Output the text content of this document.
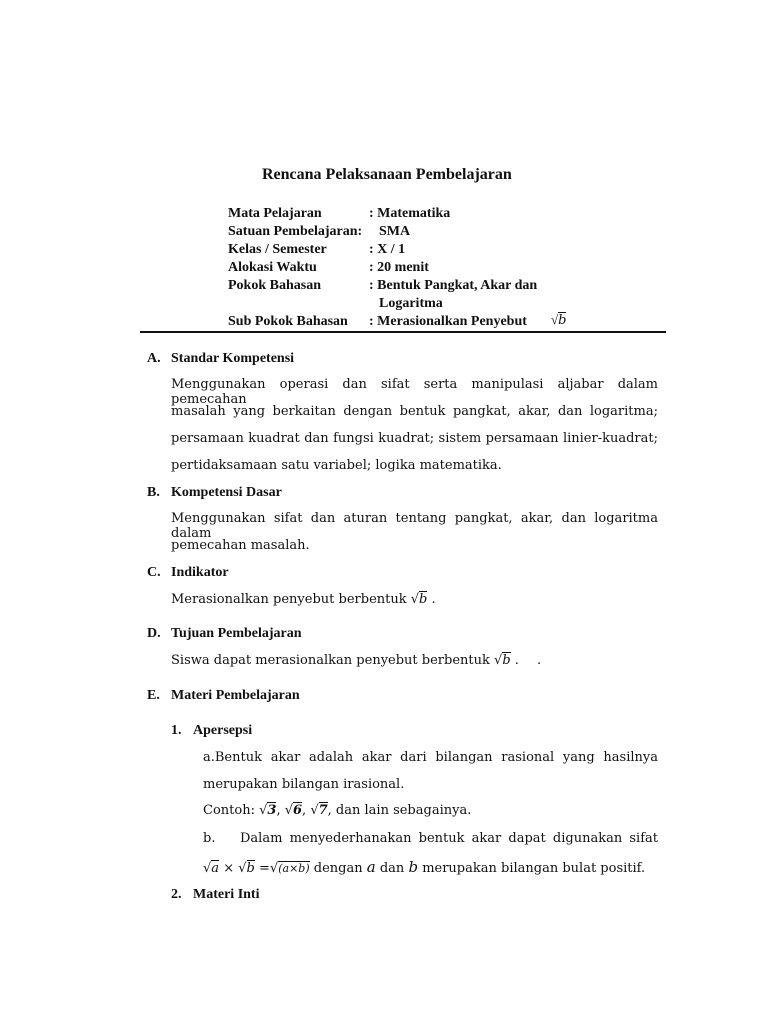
Rencana Pelaksanaan Pembelajaran
Mata Pelajaran	: Matematika
Satuan Pembelajaran: SMA
Kelas / Semester	: X / 1
Alokasi Waktu	: 20 menit
Pokok Bahasan	: Bentuk Pangkat, Akar dan
Logaritma
Sub Pokok Bahasan : Merasionalkan Penyebut √b
A. Standar Kompetensi
Menggunakan operasi dan sifat serta manipulasi aljabar dalam pemecahan
masalah yang berkaitan dengan bentuk pangkat, akar, dan logaritma;
persamaan kuadrat dan fungsi kuadrat; sistem persamaan linier-kuadrat;
pertidaksamaan satu variabel; logika matematika.
B. Kompetensi Dasar
Menggunakan sifat dan aturan tentang pangkat, akar, dan logaritma dalam
pemecahan masalah.
C. Indikator
Merasionalkan penyebut berbentuk √b .
D. Tujuan Pembelajaran
Siswa dapat merasionalkan penyebut berbentuk √b . .
E. Materi Pembelajaran
1. Apersepsi
a.Bentuk akar adalah akar dari bilangan rasional yang hasilnya
merupakan bilangan irasional.
Contoh: √3, √6, √7, dan lain sebagainya.
b. Dalam menyederhanakan bentuk akar dapat digunakan sifat
√a × √b =√(a×b) dengan a dan b merupakan bilangan bulat positif.
2. Materi Inti
